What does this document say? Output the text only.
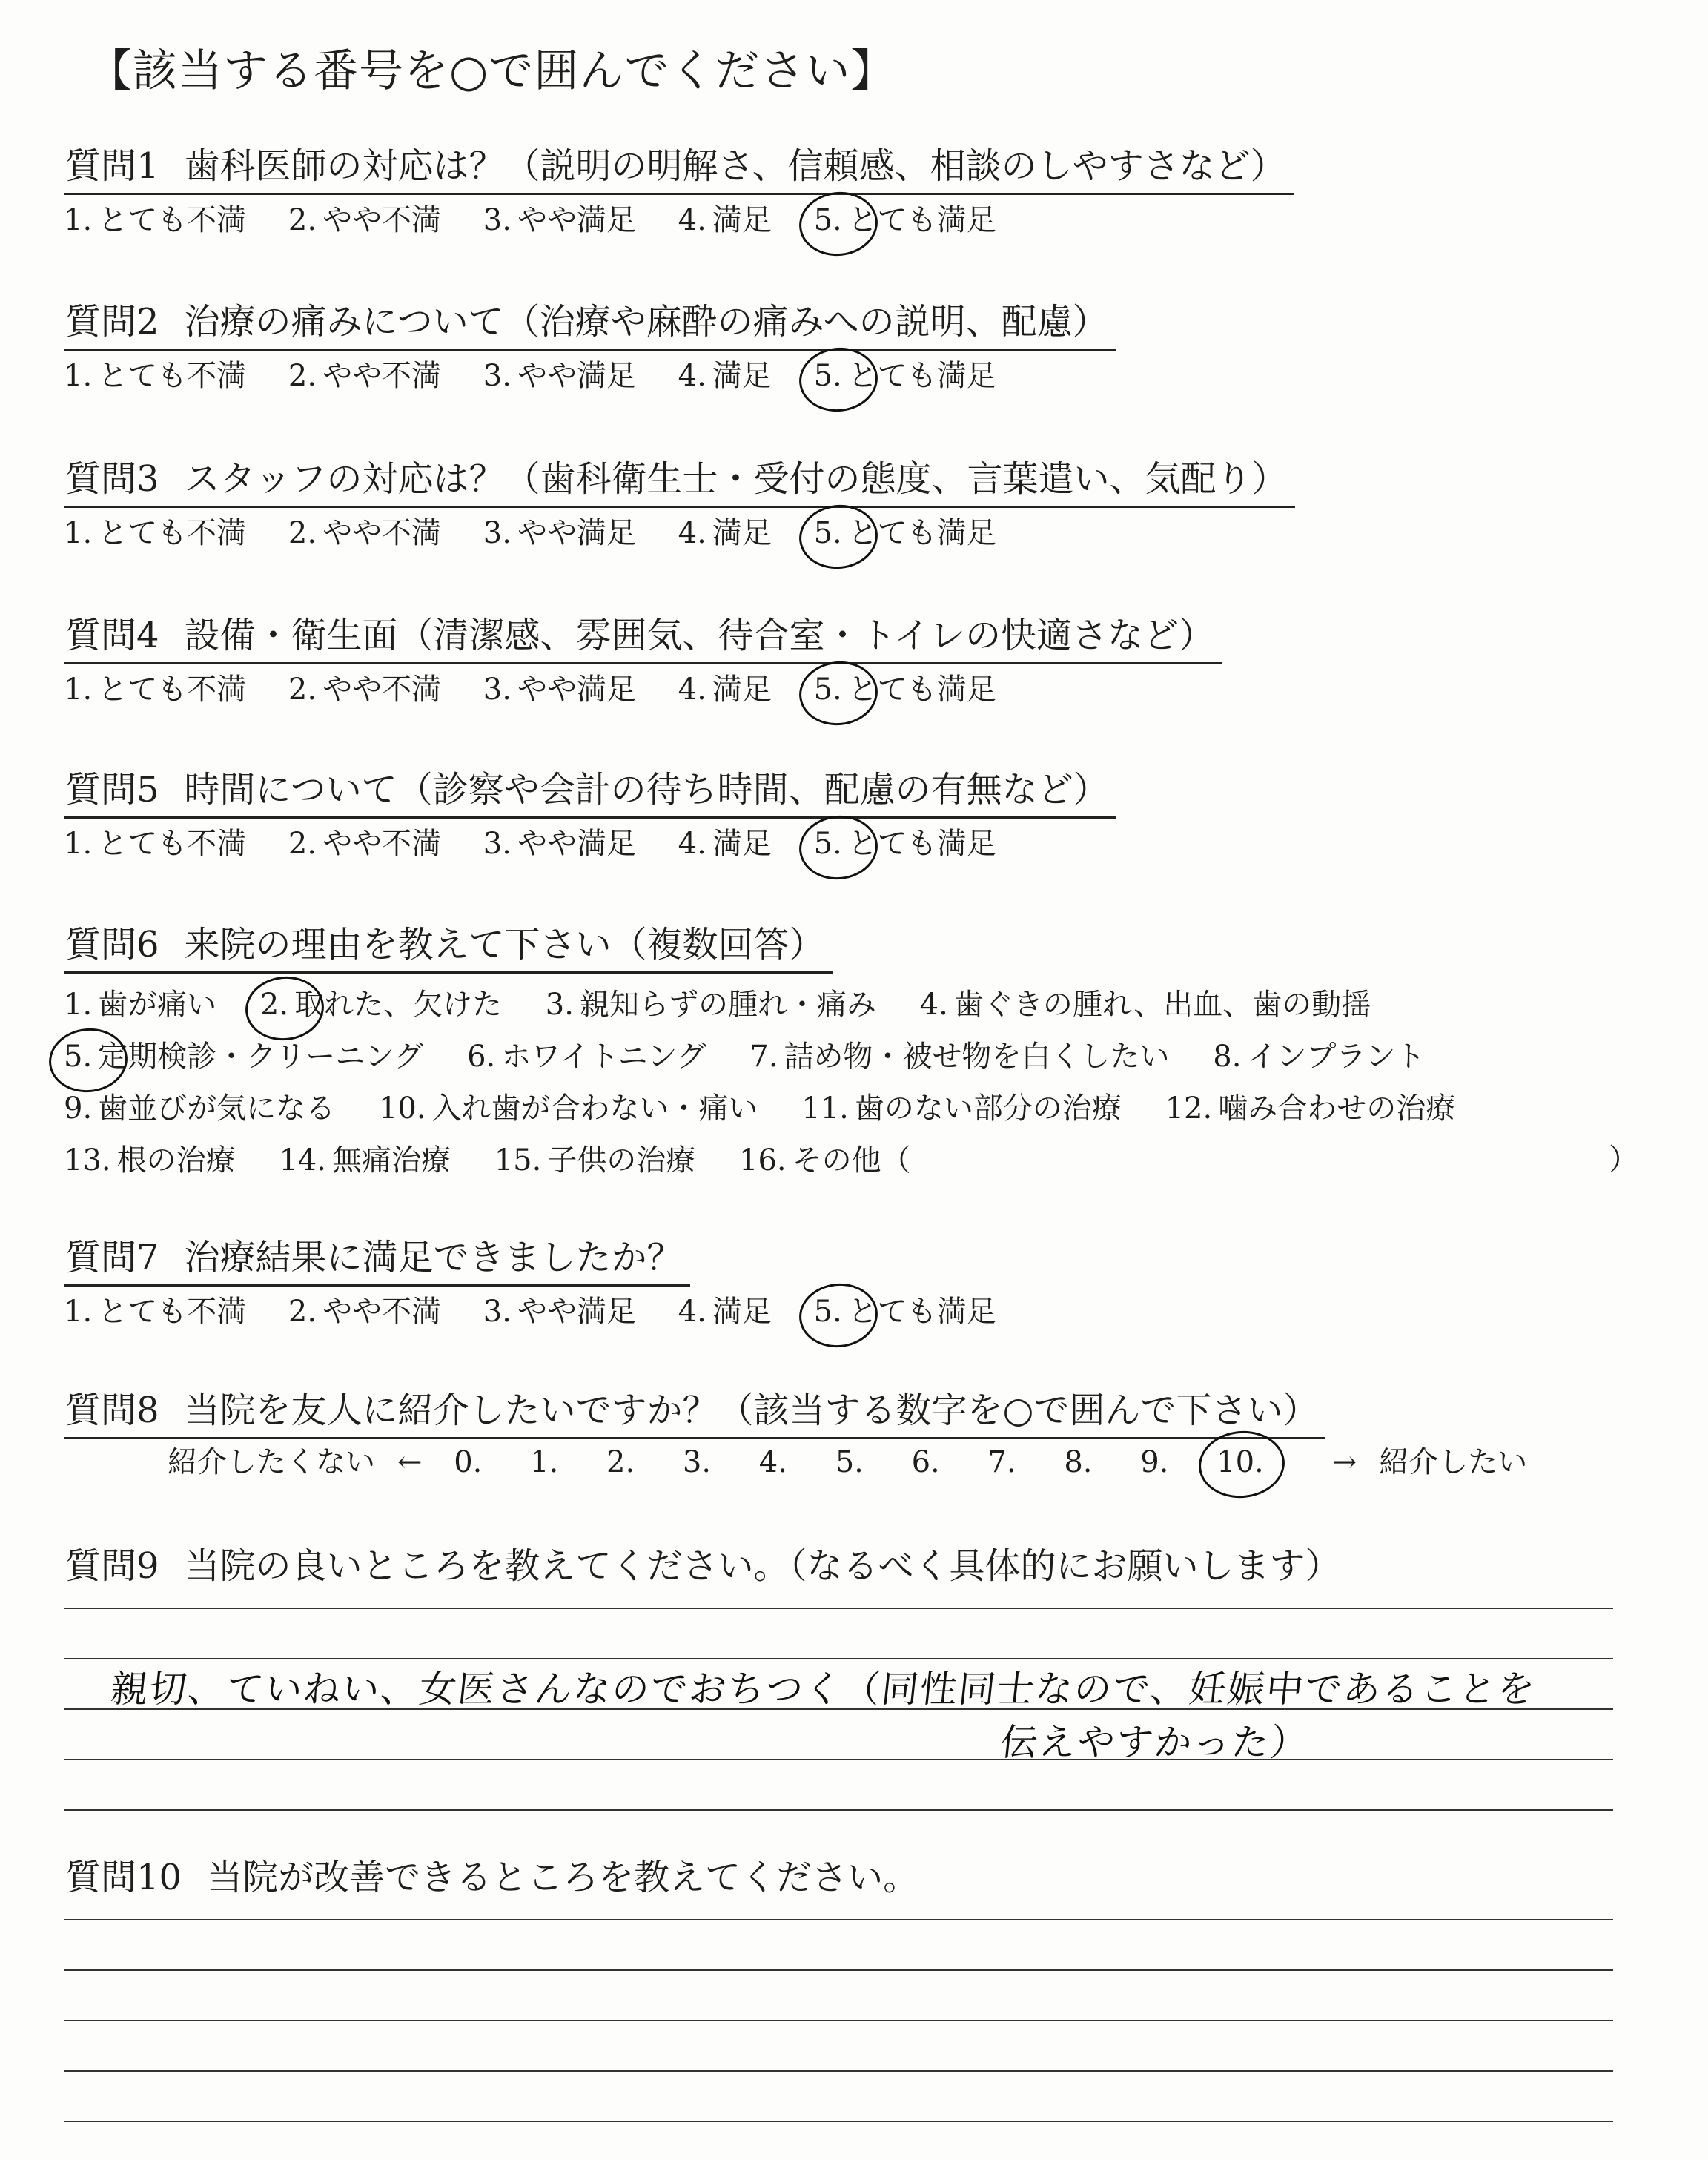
【該当する番号を○で囲んでください】
質問1 歯科医師の対応は？（説明の明解さ、信頼感、相談のしやすさなど）
1. とても不満 2. やや不満 3. やや満足 4. 満足 5. とても満足
質問2 治療の痛みについて（治療や麻酔の痛みへの説明、配慮）
1. とても不満 2. やや不満 3. やや満足 4. 満足 5. とても満足
質問3 スタッフの対応は？（歯科衛生士・受付の態度、言葉遣い、気配り）
1. とても不満 2. やや不満 3. やや満足 4. 満足 5. とても満足
質問4 設備・衛生面（清潔感、雰囲気、待合室・トイレの快適さなど）
1. とても不満 2. やや不満 3. やや満足 4. 満足 5. とても満足
質問5 時間について（診察や会計の待ち時間、配慮の有無など）
1. とても不満 2. やや不満 3. やや満足 4. 満足 5. とても満足
質問6 来院の理由を教えて下さい（複数回答）
1. 歯が痛い 2. 取れた、欠けた 3. 親知らずの腫れ・痛み 4. 歯ぐきの腫れ、出血、歯の動揺
5. 定期検診・クリーニング 6. ホワイトニング 7. 詰め物・被せ物を白くしたい 8. インプラント
9. 歯並びが気になる 10. 入れ歯が合わない・痛い 11. 歯のない部分の治療 12. 噛み合わせの治療
13. 根の治療 14. 無痛治療 15. 子供の治療 16. その他（	）
質問7 治療結果に満足できましたか？
1. とても不満 2. やや不満 3. やや満足 4. 満足 5. とても満足
質問8 当院を友人に紹介したいですか？（該当する数字を○で囲んで下さい）
紹介したくない ← 0. 1. 2. 3. 4. 5. 6. 7. 8. 9. 10. → 紹介したい
質問9 当院の良いところを教えてください。（なるべく具体的にお願いします）
親切、ていねい、女医さんなのでおちつく（同性同士なので、妊娠中であることを
伝えやすかった）
質問10 当院が改善できるところを教えてください。
